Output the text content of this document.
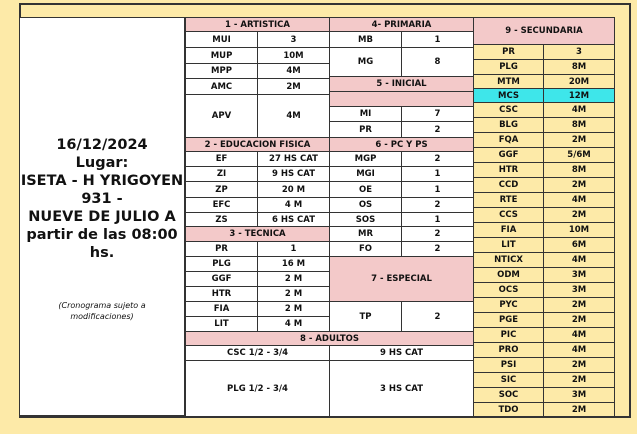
16/12/2024
Lugar:
ISETA - H YRIGOYEN
931 -
NUEVE DE JULIO A
partir de las 08:00
hs.
(Cronograma sujeto a
modificaciones)
1 - ARTISTICA	
MUI	3
MUP	10M
MPP	4M
AMC	2M
APV	4M
4- PRIMARIA	
MB	1
MG	8
5 - INICIAL	

MI	7
PR	2
2 - EDUCACION FISICA	
EF	27 HS CAT
ZI	9 HS CAT
ZP	20 M
EFC	4 M
ZS	6 HS CAT
3 - TECNICA	
PR	1
PLG	16 M
GGF	2 M
HTR	2 M
FIA	2 M
LIT	4 M
6 - PC Y PS	
MGP	2
MGI	1
OE	1
OS	2
SOS	1
MR	2
FO	2
7 - ESPECIAL	
TP	2
8 - ADULTOS	
CSC 1/2 - 3/4	9 HS CAT
PLG 1/2 - 3/4	3 HS CAT
9 - SECUNDARIA	
PR	3
PLG	8M
MTM	20M
MCS	12M
CSC	4M
BLG	8M
FQA	2M
GGF	5/6M
HTR	8M
CCD	2M
RTE	4M
CCS	2M
FIA	10M
LIT	6M
NTICX	4M
ODM	3M
OCS	3M
PYC	2M
PGE	2M
PIC	4M
PRO	4M
PSI	2M
SIC	2M
SOC	3M
TDO	2M
